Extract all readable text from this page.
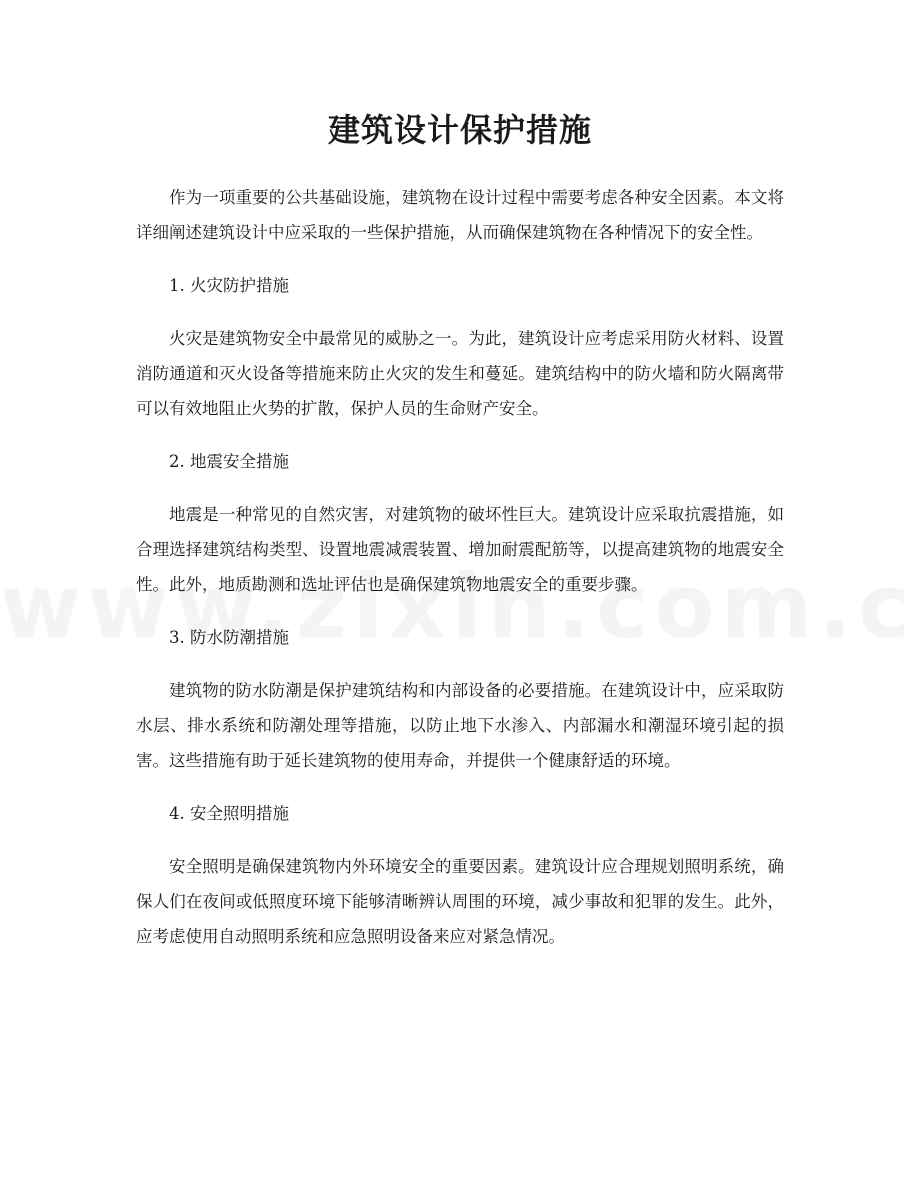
建筑设计保护措施

作为一项重要的公共基础设施，建筑物在设计过程中需要考虑各种安全因素。本文将详细阐述建筑设计中应采取的一些保护措施，从而确保建筑物在各种情况下的安全性。

1. 火灾防护措施

火灾是建筑物安全中最常见的威胁之一。为此，建筑设计应考虑采用防火材料、设置消防通道和灭火设备等措施来防止火灾的发生和蔓延。建筑结构中的防火墙和防火隔离带可以有效地阻止火势的扩散，保护人员的生命财产安全。

2. 地震安全措施

地震是一种常见的自然灾害，对建筑物的破坏性巨大。建筑设计应采取抗震措施，如合理选择建筑结构类型、设置地震减震装置、增加耐震配筋等，以提高建筑物的地震安全性。此外，地质勘测和选址评估也是确保建筑物地震安全的重要步骤。

3. 防水防潮措施

建筑物的防水防潮是保护建筑结构和内部设备的必要措施。在建筑设计中，应采取防水层、排水系统和防潮处理等措施，以防止地下水渗入、内部漏水和潮湿环境引起的损害。这些措施有助于延长建筑物的使用寿命，并提供一个健康舒适的环境。

4. 安全照明措施

安全照明是确保建筑物内外环境安全的重要因素。建筑设计应合理规划照明系统，确保人们在夜间或低照度环境下能够清晰辨认周围的环境，减少事故和犯罪的发生。此外，应考虑使用自动照明系统和应急照明设备来应对紧急情况。
